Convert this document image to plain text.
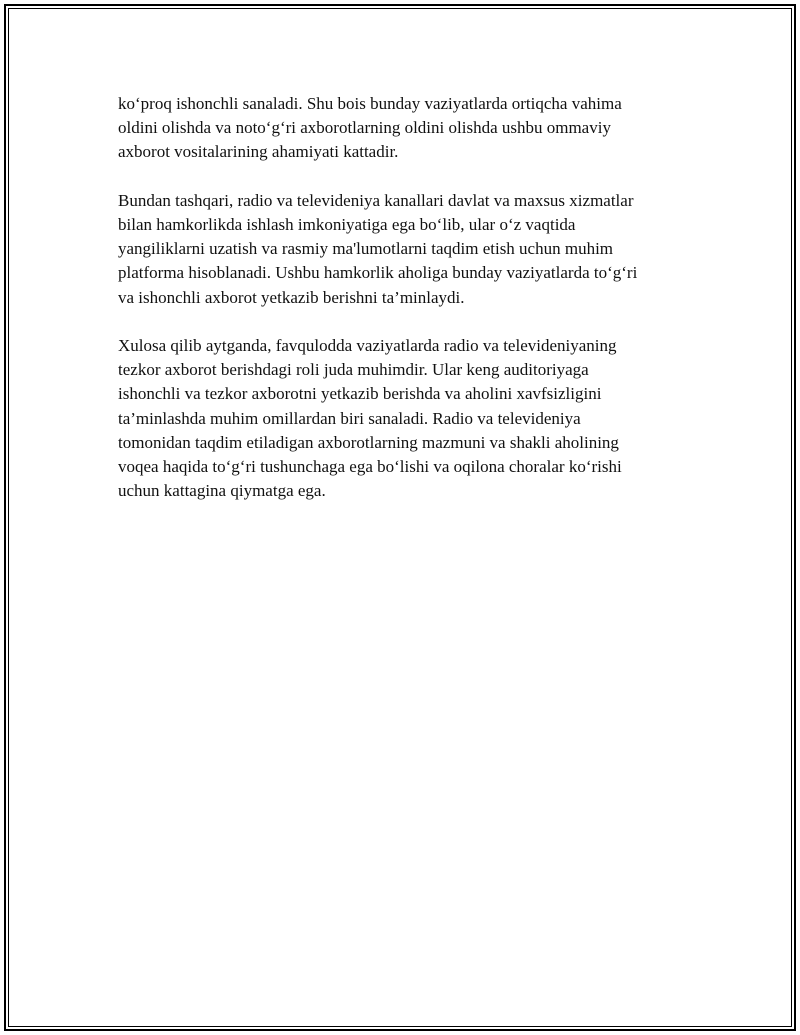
ko‘proq ishonchli sanaladi. Shu bois bunday vaziyatlarda ortiqcha vahima
oldini olishda va noto‘g‘ri axborotlarning oldini olishda ushbu ommaviy
axborot vositalarining ahamiyati kattadir.

Bundan tashqari, radio va televideniya kanallari davlat va maxsus xizmatlar
bilan hamkorlikda ishlash imkoniyatiga ega bo‘lib, ular o‘z vaqtida
yangiliklarni uzatish va rasmiy ma'lumotlarni taqdim etish uchun muhim
platforma hisoblanadi. Ushbu hamkorlik aholiga bunday vaziyatlarda to‘g‘ri
va ishonchli axborot yetkazib berishni ta’minlaydi.

Xulosa qilib aytganda, favqulodda vaziyatlarda radio va televideniyaning
tezkor axborot berishdagi roli juda muhimdir. Ular keng auditoriyaga
ishonchli va tezkor axborotni yetkazib berishda va aholini xavfsizligini
ta’minlashda muhim omillardan biri sanaladi. Radio va televideniya
tomonidan taqdim etiladigan axborotlarning mazmuni va shakli aholining
voqea haqida to‘g‘ri tushunchaga ega bo‘lishi va oqilona choralar ko‘rishi
uchun kattagina qiymatga ega.
